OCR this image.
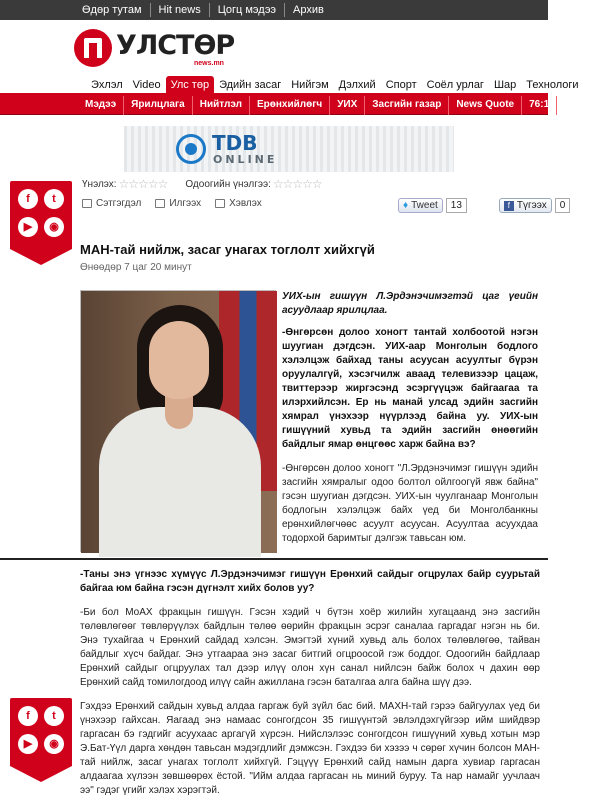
Өдөр тутам	Hit news	Цогц мэдээ	Архив
УЛСТӨР
news.mn
Эхлэл Video Улс төр Эдийн засаг Нийгэм Дэлхий Спорт Соёл урлаг Шар Технологи
Мэдээ	Ярилцлага	Нийтлэл	Ерөнхийлөгч	УИХ	Засгийн газар	News Quote	76:1	Гарц үг
TDB
ONLINE
f	t
▶	◉
Үнэлэх: ☆☆☆☆☆ Одоогийн үнэлгээ: ☆☆☆☆☆
Сэтгэгдэл	Илгээх	Хэвлэх	♦ Tweet	13	f Түгээх	0
МАН-тай нийлж, засаг унагах тоглолт хийхгүй
Өнөөдөр 7 цаг 20 минут

УИХ-ын гишүүн Л.Эрдэнэчимэгтэй цаг үеийн асуудлаар ярилцлаа.

-Өнгөрсөн долоо хоногт тантай холбоотой нэгэн шуугиан дэгдсэн. УИХ-аар Монголын бодлого хэлэлцэж байхад таны асуусан асуултыг бүрэн оруулалгүй, хэсэгчилж аваад телевизээр цацаж, твиттерээр жиргэсэнд эсэргүүцэж байгаагаа та илэрхийлсэн. Ер нь манай улсад эдийн засгийн хямрал үнэхээр нүүрлээд байна уу. УИХ-ын гишүүний хувьд та эдийн засгийн өнөөгийн байдлыг ямар өнцгөөс харж байна вэ?

-Өнгөрсөн долоо хоногт "Л.Эрдэнэчимэг гишүүн эдийн засгийн хямралыг одоо болтол ойлгоогүй явж байна" гэсэн шуугиан дэгдсэн. УИХ-ын чуулганаар Монголын бодлогын хэлэлцэж байх үед би Монголбанкны ерөнхийлөгчөөс асуулт асуусан. Асуултаа асуухдаа тодорхой баримтыг дэлгэж тавьсан юм.

-Таны энэ үгнээс хүмүүс Л.Эрдэнэчимэг гишүүн Ерөнхий сайдыг огцрулах байр суурьтай байгаа юм байна гэсэн дүгнэлт хийх болов уу?

-Би бол МоАХ фракцын гишүүн. Гэсэн хэдий ч бүтэн хоёр жилийн хугацаанд энэ засгийн төлөвлөгөөг төвлөрүүлэх байдлын төлөө өөрийн фракцын эсрэг саналаа гаргадаг нэгэн нь би. Энэ тухайгаа ч Ерөнхий сайдад хэлсэн. Эмэгтэй хүний хувьд аль болох төлөвлөгөө, тайван байдлыг хүсч байдаг. Энэ утгаараа энэ засаг битгий огцроосой гэж боддог. Одоогийн байдлаар Ерөнхий сайдыг огцруулах тал дээр илүү олон хүн санал нийлсэн байж болох ч дахин өөр Ерөнхий сайд томилогдоод илүү сайн ажиллана гэсэн баталгаа алга байна шүү дээ.

f	t
▶	◉

Гэхдээ Ерөнхий сайдын хувьд алдаа гаргаж буй зүйл бас бий. МАХН-тай гэрээ байгуулах үед би үнэхээр гайхсан. Яагаад энэ намаас сонгогдсон 35 гишүүнтэй эвлэлдэхгүйгээр ийм шийдвэр гаргасан бэ гэдгийг асуухаас аргагүй хүрсэн. Нийслэлээс сонгогдсон гишүүний хувьд хотын мэр Э.Бат-Үүл дарга хөндөн тавьсан мэдэгдлийг дэмжсэн. Гэхдээ би хэзээ ч сөрөг хүчин болсон МАН-тай нийлж, засаг унагах тоглолт хийхгүй. Гэцүүү Ерөнхий сайд намын дарга хувиар гаргасан алдаагаа хүлээн зөвшөөрөх ёстой. "Ийм алдаа гаргасан нь миний буруу. Та нар намайг уучлаач ээ" гэдэг үгийг хэлэх хэрэгтэй.
